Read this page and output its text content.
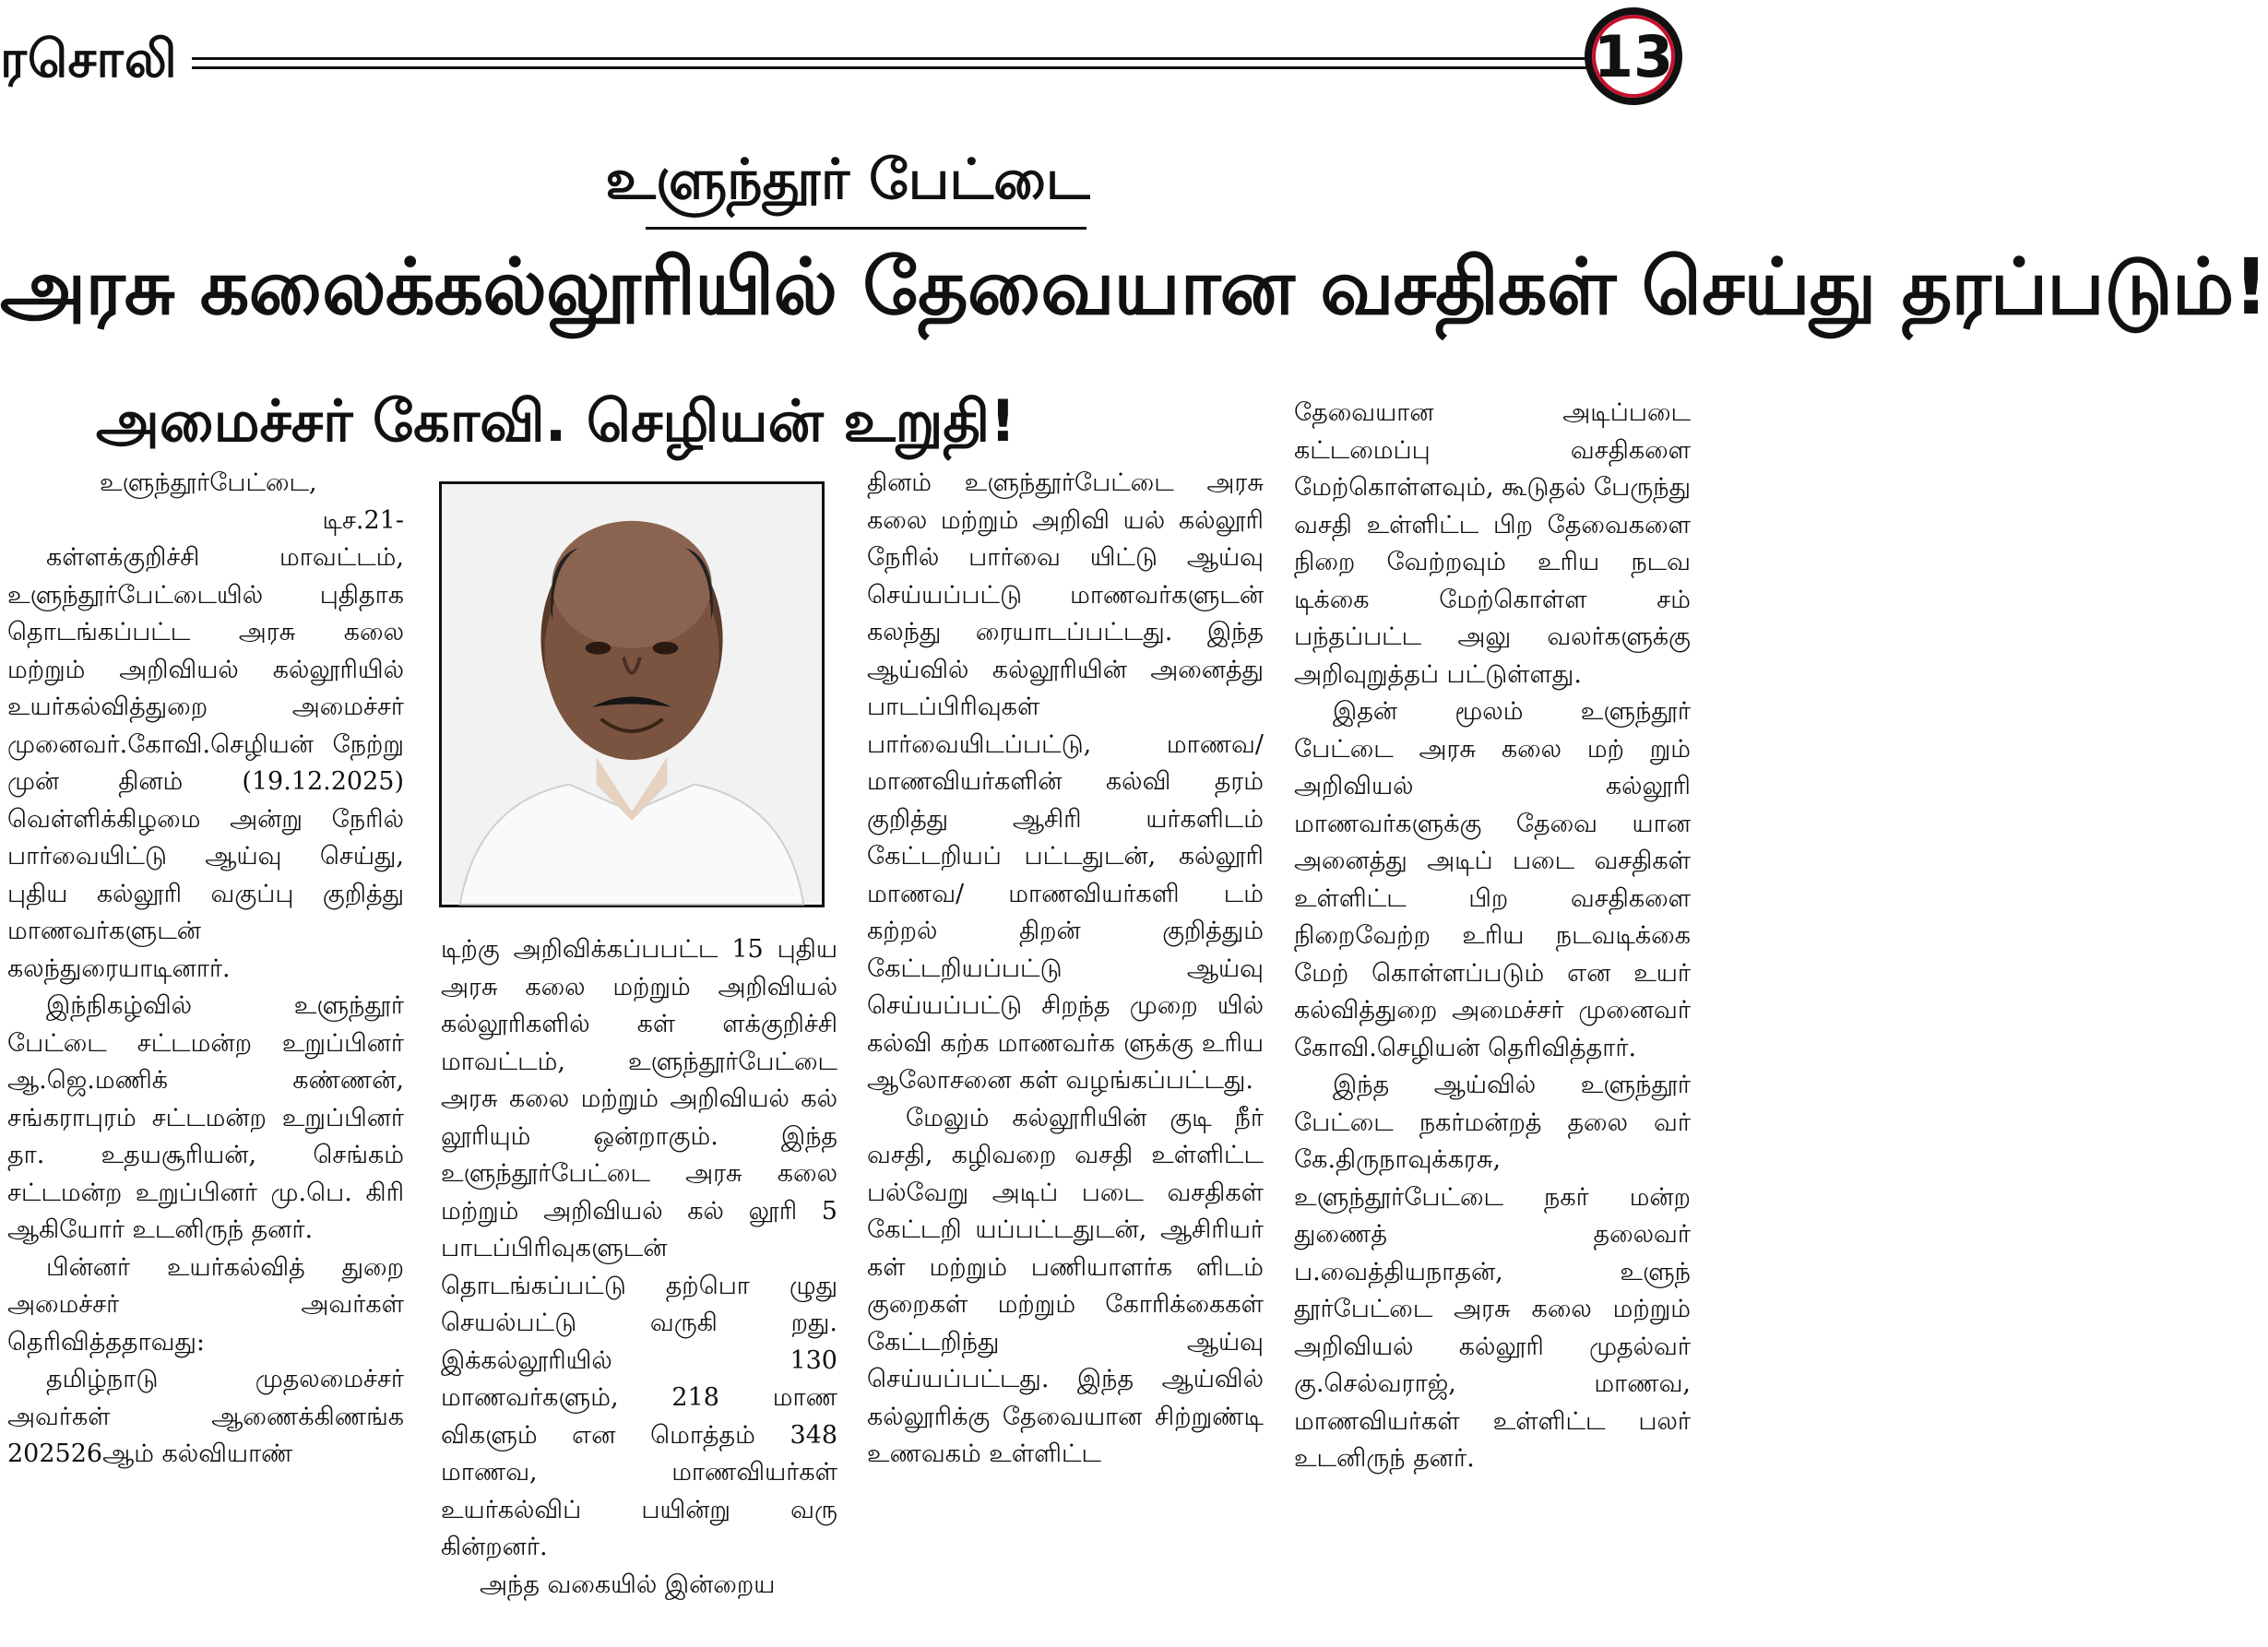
ரசொலி	13
உளுந்தூர் பேட்டை
அரசு கலைக்கல்லூரியில் தேவையான வசதிகள் செய்து தரப்படும்!
அமைச்சர் கோவி. செழியன் உறுதி!

உளுந்தூர்பேட்டை,

டிச.21-

கள்ளக்குறிச்சி மாவட்டம், உளுந்தூர்பேட்டையில் புதிதாக தொடங்கப்பட்ட அரசு கலை மற்றும் அறிவியல் கல்லூரியில் உயர்கல்வித்துறை அமைச்சர் முனைவர்.கோவி.செழியன் நேற்று முன் தினம் (19.12.2025) வெள்ளிக்கிழமை அன்று நேரில் பார்வையிட்டு ஆய்வு செய்து, புதிய கல்லூரி வகுப்பு குறித்து மாணவர்களுடன் கலந்துரையாடினார்.

இந்நிகழ்வில் உளுந்தூர் பேட்டை சட்டமன்ற உறுப்பினர் ஆ.ஜெ.மணிக் கண்ணன், சங்கராபுரம் சட்டமன்ற உறுப்பினர் தா. உதயசூரியன், செங்கம் சட்டமன்ற உறுப்பினர் மு.பெ. கிரி ஆகியோர் உடனிருந் தனர்.

பின்னர் உயர்கல்வித் துறை அமைச்சர் அவர்கள் தெரிவித்ததாவது:

தமிழ்நாடு முதலமைச்சர் அவர்கள் ஆணைக்கிணங்க 202526ஆம் கல்வியாண்

டிற்கு அறிவிக்கப்பபட்ட 15 புதிய அரசு கலை மற்றும் அறிவியல் கல்லூரிகளில் கள் ளக்குறிச்சி மாவட்டம், உளுந்தூர்பேட்டை அரசு கலை மற்றும் அறிவியல் கல் லூரியும் ஒன்றாகும். இந்த உளுந்தூர்பேட்டை அரசு கலை மற்றும் அறிவியல் கல் லூரி 5 பாடப்பிரிவுகளுடன் தொடங்கப்பட்டு தற்பொ ழுது செயல்பட்டு வருகி றது. இக்கல்லூரியில் 130 மாணவர்களும், 218 மாண விகளும் என மொத்தம் 348 மாணவ, மாணவியர்கள் உயர்கல்விப் பயின்று வரு கின்றனர்.

அந்த வகையில் இன்றைய

தினம் உளுந்தூர்பேட்டை அரசு கலை மற்றும் அறிவி யல் கல்லூரி நேரில் பார்வை யிட்டு ஆய்வு செய்யப்பட்டு மாணவர்களுடன் கலந்து ரையாடப்பட்டது. இந்த ஆய்வில் கல்லூரியின் அனைத்து பாடப்பிரிவுகள் பார்வையிடப்பட்டு, மாணவ/ மாணவியர்களின் கல்வி தரம் குறித்து ஆசிரி யர்களிடம் கேட்டறியப் பட்டதுடன், கல்லூரி மாணவ/ மாணவியர்களி டம் கற்றல் திறன் குறித்தும் கேட்டறியப்பட்டு ஆய்வு செய்யப்பட்டு சிறந்த முறை யில் கல்வி கற்க மாணவர்க ளுக்கு உரிய ஆலோசனை கள் வழங்கப்பட்டது.

மேலும் கல்லூரியின் குடி நீர் வசதி, கழிவறை வசதி உள்ளிட்ட பல்வேறு அடிப் படை வசதிகள் கேட்டறி யப்பட்டதுடன், ஆசிரியர் கள் மற்றும் பணியாளர்க ளிடம் குறைகள் மற்றும் கோரிக்கைகள் கேட்டறிந்து ஆய்வு செய்யப்பட்டது. இந்த ஆய்வில் கல்லூரிக்கு தேவையான சிற்றுண்டி உணவகம் உள்ளிட்ட

தேவையான அடிப்படை கட்டமைப்பு வசதிகளை மேற்கொள்ளவும், கூடுதல் பேருந்து வசதி உள்ளிட்ட பிற தேவைகளை நிறை வேற்றவும் உரிய நடவ டிக்கை மேற்கொள்ள சம் பந்தப்பட்ட அலு வலர்களுக்கு அறிவுறுத்தப் பட்டுள்ளது.

இதன் மூலம் உளுந்தூர் பேட்டை அரசு கலை மற் றும் அறிவியல் கல்லூரி மாணவர்களுக்கு தேவை யான அனைத்து அடிப் படை வசதிகள் உள்ளிட்ட பிற வசதிகளை நிறைவேற்ற உரிய நடவடிக்கை மேற் கொள்ளப்படும் என உயர் கல்வித்துறை அமைச்சர் முனைவர் கோவி.செழியன் தெரிவித்தார்.

இந்த ஆய்வில் உளுந்தூர் பேட்டை நகர்மன்றத் தலை வர் கே.திருநாவுக்கரசு, உளுந்தூர்பேட்டை நகர் மன்ற துணைத் தலைவர் ப.வைத்தியநாதன், உளுந் தூர்பேட்டை அரசு கலை மற்றும் அறிவியல் கல்லூரி முதல்வர் கு.செல்வராஜ், மாணவ, மாணவியர்கள் உள்ளிட்ட பலர் உடனிருந் தனர்.
